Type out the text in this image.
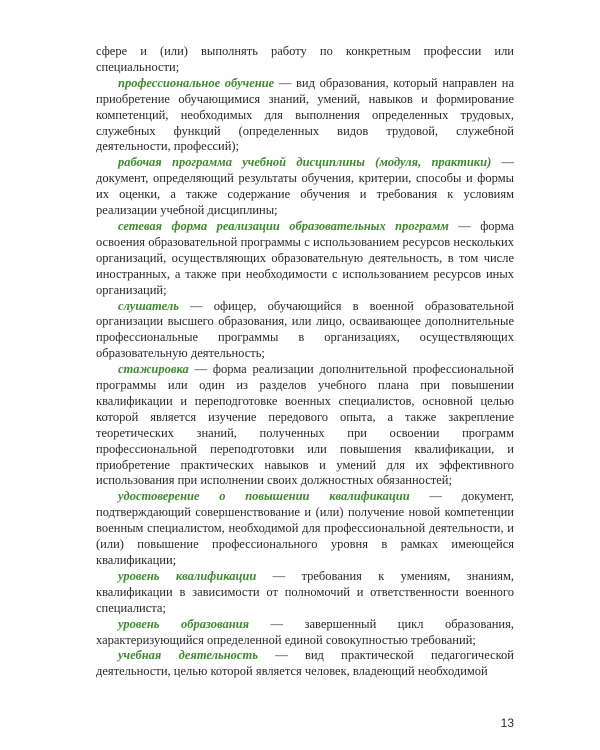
сфере и (или) выполнять работу по конкретным профессии или специальности;

профессиональное обучение — вид образования, который направлен на приобретение обучающимися знаний, умений, навыков и формирование компетенций, необходимых для выполнения определенных трудовых, служебных функций (определенных видов трудовой, служебной деятельности, профессий);

рабочая программа учебной дисциплины (модуля, практики) — документ, определяющий результаты обучения, критерии, способы и формы их оценки, а также содержание обучения и требования к условиям реализации учебной дисциплины;

сетевая форма реализации образовательных программ — форма освоения образовательной программы с использованием ресурсов нескольких организаций, осуществляющих образовательную деятельность, в том числе иностранных, а также при необходимости с использованием ресурсов иных организаций;

слушатель — офицер, обучающийся в военной образовательной организации высшего образования, или лицо, осваивающее дополнительные профессиональные программы в организациях, осуществляющих образовательную деятельность;

стажировка — форма реализации дополнительной профессиональной программы или один из разделов учебного плана при повышении квалификации и переподготовке военных специалистов, основной целью которой является изучение передового опыта, а также закрепление теоретических знаний, полученных при освоении программ профессиональной переподготовки или повышения квалификации, и приобретение практических навыков и умений для их эффективного использования при исполнении своих должностных обязанностей;

удостоверение о повышении квалификации — документ, подтверждающий совершенствование и (или) получение новой компетенции военным специалистом, необходимой для профессиональной деятельности, и (или) повышение профессионального уровня в рамках имеющейся квалификации;

уровень квалификации — требования к умениям, знаниям, квалификации в зависимости от полномочий и ответственности военного специалиста;

уровень образования — завершенный цикл образования, характеризующийся определенной единой совокупностью требований;

учебная деятельность — вид практической педагогической деятельности, целью которой является человек, владеющий необходимой

13
